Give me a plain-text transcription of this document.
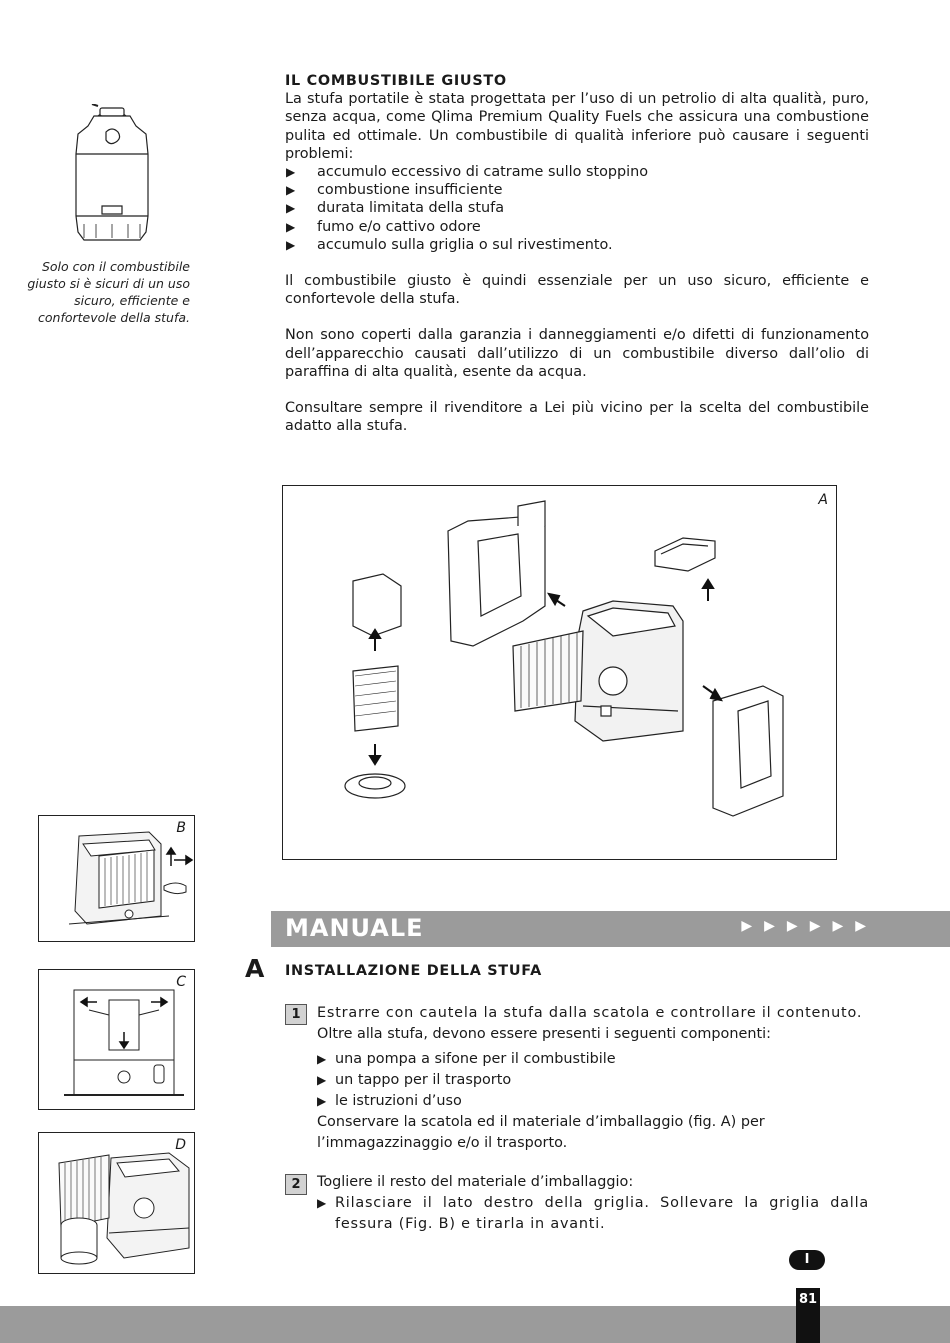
Solo con il combustibile giusto si è sicuri di un uso sicuro, efficiente e confortevole della stufa.
IL COMBUSTIBILE GIUSTO

La stufa portatile è stata progettata per l’uso di un petrolio di alta qualità, puro, senza acqua, come Qlima Premium Quality Fuels che assicura una combustione pulita ed ottimale. Un combustibile di qualità inferiore può causare i seguenti problemi:

▶ accumulo eccessivo di catrame sullo stoppino
▶ combustione insufficiente
▶ durata limitata della stufa
▶ fumo e/o cattivo odore
▶ accumulo sulla griglia o sul rivestimento.

Il combustibile giusto è quindi essenziale per un uso sicuro, efficiente e confortevole della stufa.

Non sono coperti dalla garanzia i danneggiamenti e/o difetti di funzionamento dell’apparecchio causati dall’utilizzo di un combustibile diverso dall’olio di paraffina di alta qualità, esente da acqua.

Consultare sempre il rivenditore a Lei più vicino per la scelta del combustibile adatto alla stufa.

A
B
C
D
MANUALE	▶▶▶▶▶▶
A INSTALLAZIONE DELLA STUFA
1	Estrarre con cautela la stufa dalla scatola e controllare il contenuto.
Oltre alla stufa, devono essere presenti i seguenti componenti:
▶ una pompa a sifone per il combustibile
▶ un tappo per il trasporto
▶ le istruzioni d’uso
Conservare la scatola ed il materiale d’imballaggio (fig. A) per l’immagazzinaggio e/o il trasporto.
2	Togliere il resto del materiale d’imballaggio:
▶ Rilasciare il lato destro della griglia. Sollevare la griglia dalla fessura (Fig. B) e tirarla in avanti.
I
81
